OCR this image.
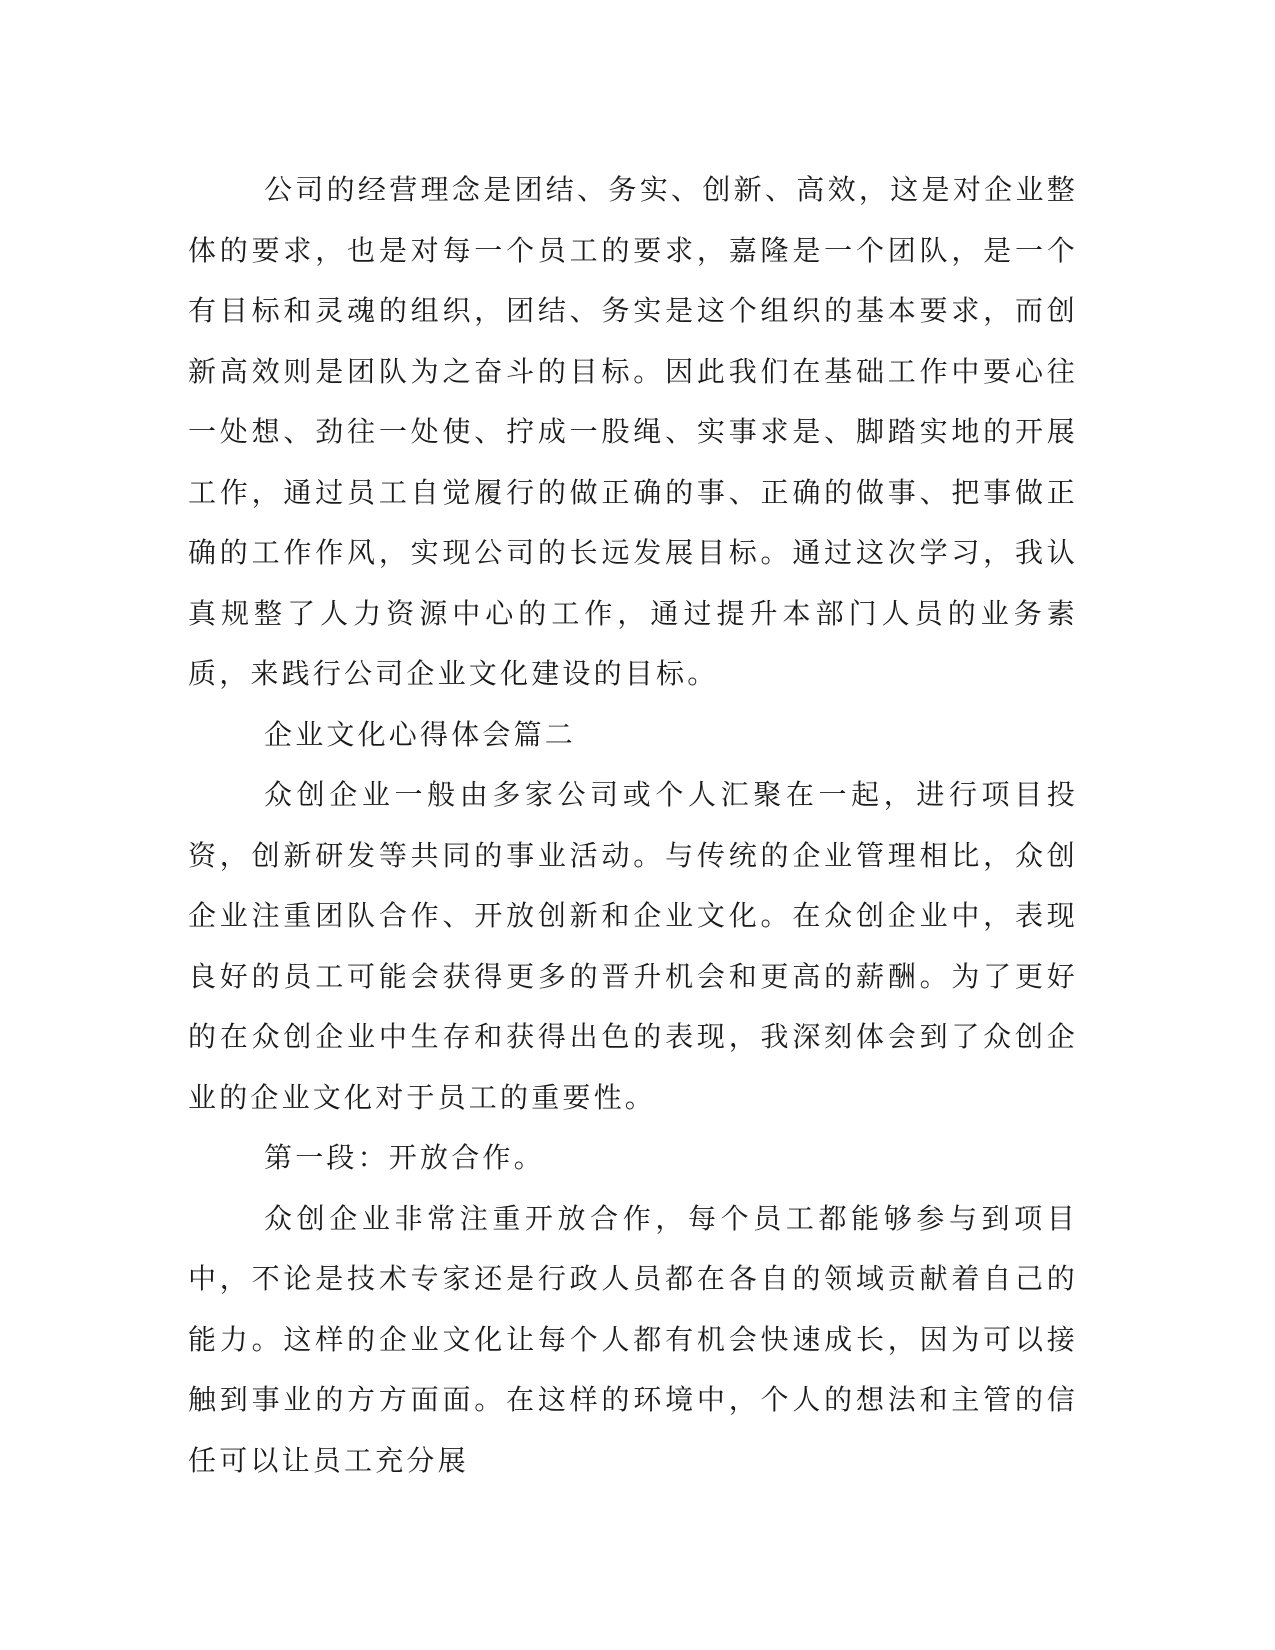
公司的经营理念是团结、务实、创新、高效，这是对企业整体的要求，也是对每一个员工的要求，嘉隆是一个团队，是一个有目标和灵魂的组织，团结、务实是这个组织的基本要求，而创新高效则是团队为之奋斗的目标。因此我们在基础工作中要心往一处想、劲往一处使、拧成一股绳、实事求是、脚踏实地的开展工作，通过员工自觉履行的做正确的事、正确的做事、把事做正确的工作作风，实现公司的长远发展目标。通过这次学习，我认真规整了人力资源中心的工作，通过提升本部门人员的业务素质，来践行公司企业文化建设的目标。

企业文化心得体会篇二

众创企业一般由多家公司或个人汇聚在一起，进行项目投资，创新研发等共同的事业活动。与传统的企业管理相比，众创企业注重团队合作、开放创新和企业文化。在众创企业中，表现良好的员工可能会获得更多的晋升机会和更高的薪酬。为了更好的在众创企业中生存和获得出色的表现，我深刻体会到了众创企业的企业文化对于员工的重要性。

第一段：开放合作。

众创企业非常注重开放合作，每个员工都能够参与到项目中，不论是技术专家还是行政人员都在各自的领域贡献着自己的能力。这样的企业文化让每个人都有机会快速成长，因为可以接触到事业的方方面面。在这样的环境中，个人的想法和主管的信任可以让员工充分展
